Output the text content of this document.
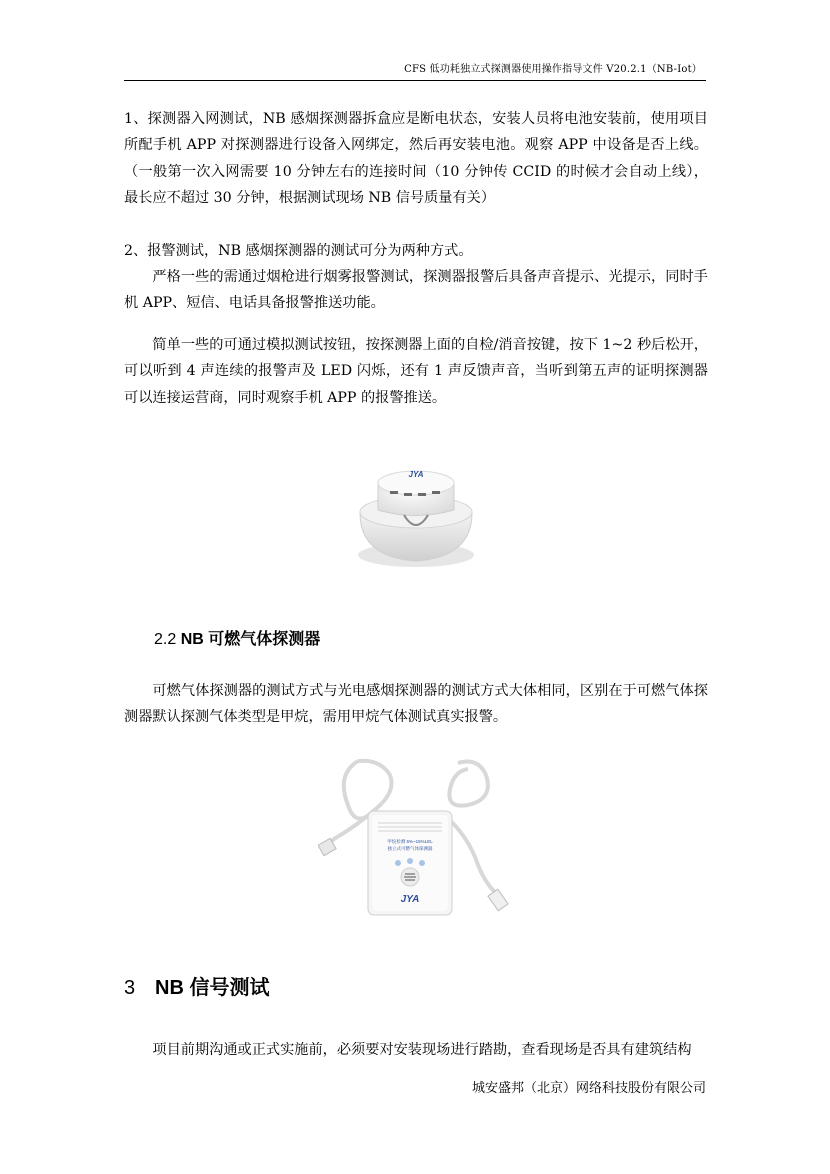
CFS 低功耗独立式探测器使用操作指导文件 V20.2.1（NB-Iot）

1、探测器入网测试，NB 感烟探测器拆盒应是断电状态，安装人员将电池安装前，使用项目所配手机 APP 对探测器进行设备入网绑定，然后再安装电池。观察 APP 中设备是否上线。（一般第一次入网需要 10 分钟左右的连接时间（10 分钟传 CCID 的时候才会自动上线），最长应不超过 30 分钟，根据测试现场 NB 信号质量有关）

2、报警测试，NB 感烟探测器的测试可分为两种方式。

严格一些的需通过烟枪进行烟雾报警测试，探测器报警后具备声音提示、光提示，同时手机 APP、短信、电话具备报警推送功能。

简单一些的可通过模拟测试按钮，按探测器上面的自检/消音按键，按下 1~2 秒后松开，可以听到 4 声连续的报警声及 LED 闪烁，还有 1 声反馈声音，当听到第五声的证明探测器可以连接运营商，同时观察手机 APP 的报警推送。

JYA
2.2 NB 可燃气体探测器

可燃气体探测器的测试方式与光电感烟探测器的测试方式大体相同，区别在于可燃气体探测器默认探测气体类型是甲烷，需用甲烷气体测试真实报警。

甲烷检测 5%~15%LEL
独立式可燃气体探测器
JYA
3 NB 信号测试

项目前期沟通或正式实施前，必须要对安装现场进行踏勘，查看现场是否具有建筑结构

城安盛邦（北京）网络科技股份有限公司
